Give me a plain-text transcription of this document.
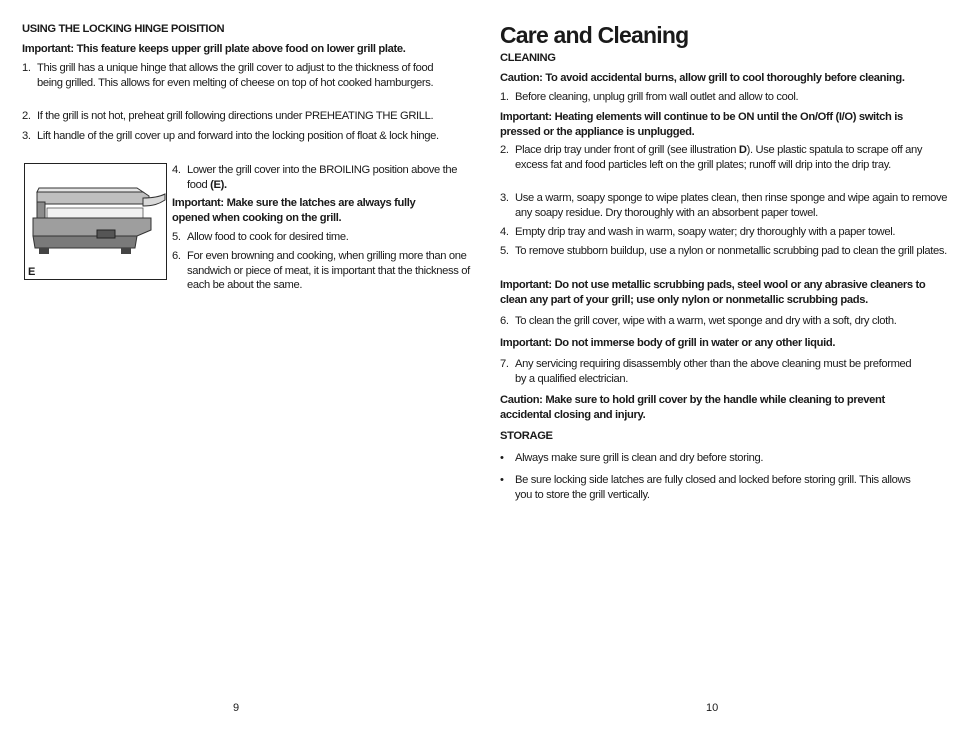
USING THE LOCKING HINGE POISITION
Important: This feature keeps upper grill plate above food on lower grill plate.
1. This grill has a unique hinge that allows the grill cover to adjust to the thickness of food being grilled. This allows for even melting of cheese on top of hot cooked hamburgers.
2. If the grill is not hot, preheat grill following directions under PREHEATING THE GRILL.
3. Lift handle of the grill cover up and forward into the locking position of float & lock hinge.
4. Lower the grill cover into the BROILING position above the food (E).
Important: Make sure the latches are always fully opened when cooking on the grill.
5. Allow food to cook for desired time.
6. For even browning and cooking, when grilling more than one sandwich or piece of meat, it is important that the thickness of each be about the same.
E
Care and Cleaning
CLEANING
Caution: To avoid accidental burns, allow grill to cool thoroughly before cleaning.
1. Before cleaning, unplug grill from wall outlet and allow to cool.
Important: Heating elements will continue to be ON until the On/Off (I/O) switch is pressed or the appliance is unplugged.
2. Place drip tray under front of grill (see illustration D). Use plastic spatula to scrape off any excess fat and food particles left on the grill plates; runoff will drip into the drip tray.
3. Use a warm, soapy sponge to wipe plates clean, then rinse sponge and wipe again to remove any soapy residue. Dry thoroughly with an absorbent paper towel.
4. Empty drip tray and wash in warm, soapy water; dry thoroughly with a paper towel.
5. To remove stubborn buildup, use a nylon or nonmetallic scrubbing pad to clean the grill plates.
Important: Do not use metallic scrubbing pads, steel wool or any abrasive cleaners to clean any part of your grill; use only nylon or nonmetallic scrubbing pads.
6. To clean the grill cover, wipe with a warm, wet sponge and dry with a soft, dry cloth.
Important: Do not immerse body of grill in water or any other liquid.
7. Any servicing requiring disassembly other than the above cleaning must be preformed by a qualified electrician.
Caution: Make sure to hold grill cover by the handle while cleaning to prevent accidental closing and injury.
STORAGE
• Always make sure grill is clean and dry before storing.
• Be sure locking side latches are fully closed and locked before storing grill. This allows you to store the grill vertically.
9	10
